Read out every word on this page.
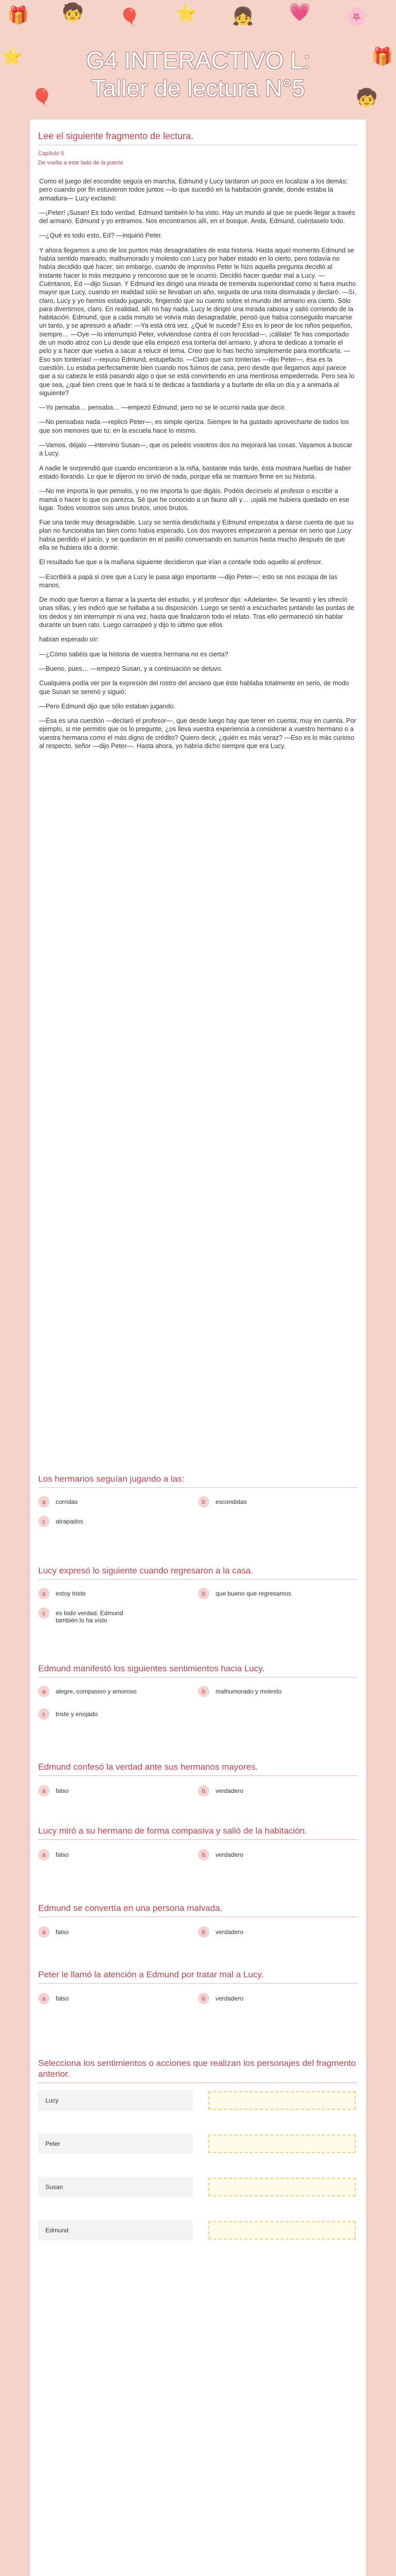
🎁 🧒 🎈 ⭐ 👧 💗 🌸
🎈	🧒
⭐	🎁
G4 INTERACTIVO L:
Taller de lectura N°5
Lee el siguiente fragmento de lectura.
Capítulo 5
De vuelta a este lado de la puerta

Como el juego del escondite seguía en marcha, Edmund y Lucy tardaron un poco en localizar a los demás; pero cuando por fin estuvieron todos juntos —lo que sucedió en la habitación grande, donde estaba la armadura— Lucy exclamó:

—¡Peter! ¡Susan! Es todo verdad. Edmund también lo ha visto. Hay un mundo al que se puede llegar a través del armario. Edmund y yo entramos. Nos encontramos allí, en el bosque. Anda, Edmund, cuéntaselo todo.

—¿Qué es todo esto, Ed? —inquirió Peter.

Y ahora llegamos a uno de los puntos más desagradables de esta historia. Hasta aquel momento Edmund se había sentido mareado, malhumorado y molesto con Lucy por haber estado en lo cierto, pero todavía no había decidido qué hacer; sin embargo, cuando de improviso Peter le hizo aquella pregunta decidió al instante hacer lo más mezquino y rencoroso que se le ocurrió. Decidió hacer quedar mal a Lucy. —Cuéntanos, Ed —dijo Susan. Y Edmund les dirigió una mirada de tremenda superioridad como si fuera mucho mayor que Lucy, cuando en realidad sólo se llevaban un año, seguida de una risita disimulada y declaró: —Sí, claro, Lucy y yo hemos estado jugando, fingiendo que su cuento sobre el mundo del armario era cierto. Sólo para divertirnos, claro. En realidad, allí no hay nada. Lucy le dirigió una mirada rabiosa y salió corriendo de la habitación. Edmund, que a cada minuto se volvía más desagradable, pensó que había conseguido marcarse un tanto, y se apresuró a añadir: —Ya está otra vez. ¿Qué le sucede? Eso es lo peor de los niños pequeños, siempre… —Oye —lo interrumpió Peter, volviéndose contra él con ferocidad—, ¡cállate! Te has comportado de un modo atroz con Lu desde que ella empezó esa tontería del armario, y ahora te dedicas a tomarle el pelo y a hacer que vuelva a sacar a relucir el tema. Creo que lo has hecho simplemente para mortificarla. —Eso son tonterías! —repuso Edmund, estupefacto. —Claro que son tonterías —dijo Peter—, ésa es la cuestión. Lu estaba perfectamente bien cuando nos fuimos de casa, pero desde que llegamos aquí parece que a su cabeza le está pasando algo o que se está convirtiendo en una mentirosa empedernida. Pero sea lo que sea, ¿qué bien crees que le hará si te dedicas a fastidiarla y a burlarte de ella un día y a animarla al siguiente?

—Yo pensaba… pensaba… —empezó Edmund; pero no se le ocurrió nada que decir.

—No pensabas nada —replicó Peter—, es simple ojeriza. Siempre te ha gustado aprovecharte de todos los que son menores que tú; en la escuela hace lo mismo.

—Vamos, déjalo —intervino Susan—, que os peleéis vosotros dos no mejorará las cosas. Vayamos a buscar a Lucy.

A nadie le sorprendió que cuando encontraron a la niña, bastante más tarde, ésta mostrara huellas de haber estado llorando. Lo que le dijeron no sirvió de nada, porque ella se mantuvo firme en su historia.

—No me importa lo que penséis, y no me importa lo que digáis. Podéis decírselo al profesor o escribir a mamá o hacer lo que os parezca. Sé que he conocido a un fauno allí y… ¡ojalá me hubiera quedado en ese lugar. Todos vosotros sois unos brutos, unos brutos.

Fue una tarde muy desagradable. Lucy se sentía desdichada y Edmund empezaba a darse cuenta de que su plan no funcionaba tan bien como había esperado. Los dos mayores empezaron a pensar en serio que Lucy había perdido el juicio, y se quedaron en el pasillo conversando en susurros hasta mucho después de que ella se hubiera ido a dormir.

El resultado fue que a la mañana siguiente decidieron que irían a contarle todo aquello al profesor.

—Escribirá a papá si cree que a Lucy le pasa algo importante —dijo Peter—; esto se nos escapa de las manos.

De modo que fueron a llamar a la puerta del estudio, y el profesor dijo: «Adelante». Se levantó y les ofreció unas sillas, y les indicó que se hallaba a su disposición. Luego se sentó a escucharles juntando las puntas de los dedos y sin interrumpir ni una vez, hasta que finalizaron todo el relato. Tras ello permaneció sin hablar durante un buen rato. Luego carraspeó y dijo lo último que ellos

habían esperado oír:

—¿Cómo sabéis que la historia de vuestra hermana no es cierta?

—Bueno, pues… —empezó Susan, y a continuación se detuvo.

Cualquiera podía ver por la expresión del rostro del anciano que éste hablaba totalmente en serio, de modo que Susan se serenó y siguió:

—Pero Edmund dijo que sólo estaban jugando.

—Ésa es una cuestión —declaró el profesor—, que desde luego hay que tener en cuenta; muy en cuenta. Por ejemplo, si me permitís que os lo pregunte, ¿os lleva vuestra experiencia a considerar a vuestro hermano o a vuestra hermana como el más digno de crédito? Quiero decir, ¿quién es más veraz? —Eso es lo más curioso al respecto, señor —dijo Peter—. Hasta ahora, yo habría dicho siempre que era Lucy.

Los hermanos seguían jugando a las:
a	corridas	b	escondidas
c	atrapados
Lucy expresó lo siguiente cuando regresaron a la casa.
a	estoy triste	b	que bueno que regresamos
c	es todo verdad. Edmund también lo ha visto
Edmund manifestó los siguientes sentimientos hacia Lucy.
a	alegre, compasivo y amoroso	b	malhumorado y molesto
c	triste y enojado
Edmund confesó la verdad ante sus hermanos mayores.
a	falso	b	verdadero
Lucy miró a su hermano de forma compasiva y salió de la habitación.
a	falso	b	verdadero
Edmund se convertía en una persona malvada.
a	falso	b	verdadero
Peter le llamó la atención a Edmund por tratar mal a Lucy.
a	falso	b	verdadero
Selecciona los sentimientos o acciones que realizan los personajes del fragmento anterior.
Lucy
Peter
Susan
Edmund
